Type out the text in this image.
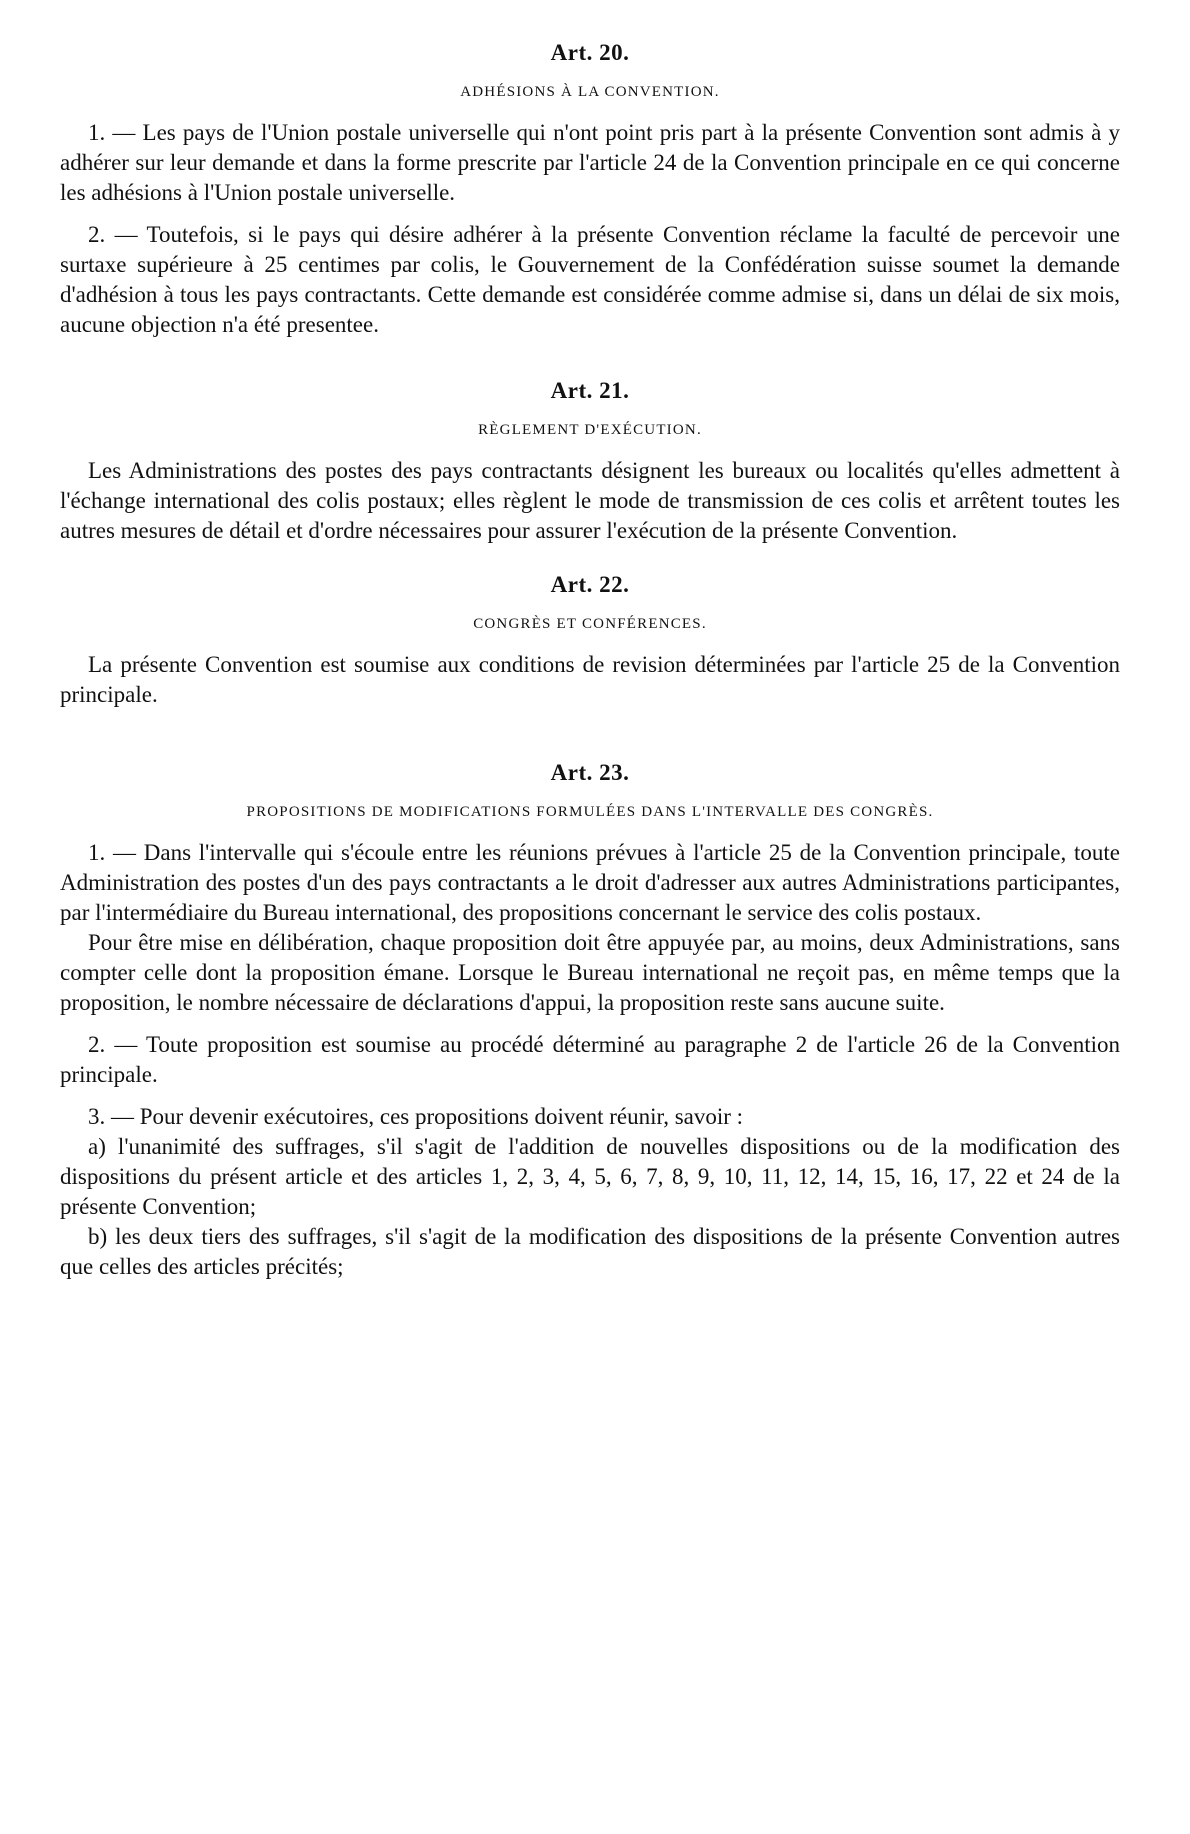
Art. 20.
ADHÉSIONS À LA CONVENTION.

1. — Les pays de l'Union postale universelle qui n'ont point pris part à la présente Convention sont admis à y adhérer sur leur demande et dans la forme prescrite par l'article 24 de la Convention principale en ce qui concerne les adhésions à l'Union postale universelle.

2. — Toutefois, si le pays qui désire adhérer à la présente Convention réclame la faculté de percevoir une surtaxe supérieure à 25 centimes par colis, le Gouvernement de la Confédération suisse soumet la demande d'adhésion à tous les pays contractants. Cette demande est considérée comme admise si, dans un délai de six mois, aucune objection n'a été presentee.

Art. 21.
RÈGLEMENT D'EXÉCUTION.

Les Administrations des postes des pays contractants désignent les bureaux ou localités qu'elles admettent à l'échange international des colis postaux; elles règlent le mode de transmission de ces colis et arrêtent toutes les autres mesures de détail et d'ordre nécessaires pour assurer l'exécution de la présente Convention.

Art. 22.
CONGRÈS ET CONFÉRENCES.

La présente Convention est soumise aux conditions de revision déterminées par l'article 25 de la Convention principale.

Art. 23.
PROPOSITIONS DE MODIFICATIONS FORMULÉES DANS L'INTERVALLE DES CONGRÈS.

1. — Dans l'intervalle qui s'écoule entre les réunions prévues à l'article 25 de la Convention principale, toute Administration des postes d'un des pays contractants a le droit d'adresser aux autres Administrations participantes, par l'intermédiaire du Bureau international, des propositions concernant le service des colis postaux.

Pour être mise en délibération, chaque proposition doit être appuyée par, au moins, deux Administrations, sans compter celle dont la proposition émane. Lorsque le Bureau international ne reçoit pas, en même temps que la proposition, le nombre nécessaire de déclarations d'appui, la proposition reste sans aucune suite.

2. — Toute proposition est soumise au procédé déterminé au paragraphe 2 de l'article 26 de la Convention principale.

3. — Pour devenir exécutoires, ces propositions doivent réunir, savoir :

a) l'unanimité des suffrages, s'il s'agit de l'addition de nouvelles dispositions ou de la modification des dispositions du présent article et des articles 1, 2, 3, 4, 5, 6, 7, 8, 9, 10, 11, 12, 14, 15, 16, 17, 22 et 24 de la présente Convention;

b) les deux tiers des suffrages, s'il s'agit de la modification des dispositions de la présente Convention autres que celles des articles précités;
